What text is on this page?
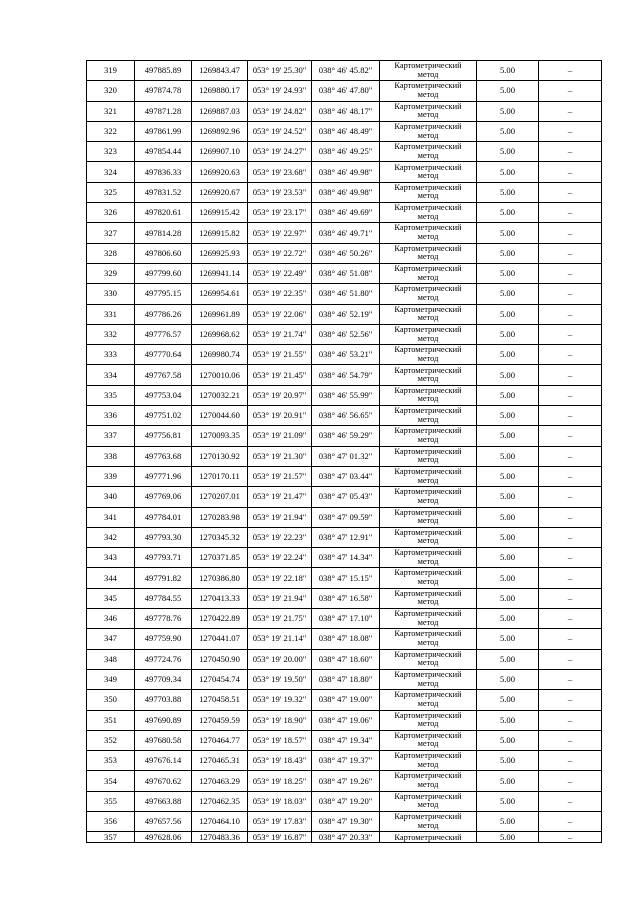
319	497885.89	1269843.47	053° 19' 25.30"	038° 46' 45.82"	Картометрический
метод	5.00	–
320	497874.78	1269880.17	053° 19' 24.93"	038° 46' 47.80"	Картометрический
метод	5.00	–
321	497871.28	1269887.03	053° 19' 24.82"	038° 46' 48.17"	Картометрический
метод	5.00	–
322	497861.99	1269892.96	053° 19' 24.52"	038° 46' 48.49"	Картометрический
метод	5.00	–
323	497854.44	1269907.10	053° 19' 24.27"	038° 46' 49.25"	Картометрический
метод	5.00	–
324	497836.33	1269920.63	053° 19' 23.68"	038° 46' 49.98"	Картометрический
метод	5.00	–
325	497831.52	1269920.67	053° 19' 23.53"	038° 46' 49.98"	Картометрический
метод	5.00	–
326	497820.61	1269915.42	053° 19' 23.17"	038° 46' 49.69"	Картометрический
метод	5.00	–
327	497814.28	1269915.82	053° 19' 22.97"	038° 46' 49.71"	Картометрический
метод	5.00	–
328	497806.60	1269925.93	053° 19' 22.72"	038° 46' 50.26"	Картометрический
метод	5.00	–
329	497799.60	1269941.14	053° 19' 22.49"	038° 46' 51.08"	Картометрический
метод	5.00	–
330	497795.15	1269954.61	053° 19' 22.35"	038° 46' 51.80"	Картометрический
метод	5.00	–
331	497786.26	1269961.89	053° 19' 22.06"	038° 46' 52.19"	Картометрический
метод	5.00	–
332	497776.57	1269968.62	053° 19' 21.74"	038° 46' 52.56"	Картометрический
метод	5.00	–
333	497770.64	1269980.74	053° 19' 21.55"	038° 46' 53.21"	Картометрический
метод	5.00	–
334	497767.58	1270010.06	053° 19' 21.45"	038° 46' 54.79"	Картометрический
метод	5.00	–
335	497753.04	1270032.21	053° 19' 20.97"	038° 46' 55.99"	Картометрический
метод	5.00	–
336	497751.02	1270044.60	053° 19' 20.91"	038° 46' 56.65"	Картометрический
метод	5.00	–
337	497756.81	1270093.35	053° 19' 21.09"	038° 46' 59.29"	Картометрический
метод	5.00	–
338	497763.68	1270130.92	053° 19' 21.30"	038° 47' 01.32"	Картометрический
метод	5.00	–
339	497771.96	1270170.11	053° 19' 21.57"	038° 47' 03.44"	Картометрический
метод	5.00	–
340	497769.06	1270207.01	053° 19' 21.47"	038° 47' 05.43"	Картометрический
метод	5.00	–
341	497784.01	1270283.98	053° 19' 21.94"	038° 47' 09.59"	Картометрический
метод	5.00	–
342	497793.30	1270345.32	053° 19' 22.23"	038° 47' 12.91"	Картометрический
метод	5.00	–
343	497793.71	1270371.85	053° 19' 22.24"	038° 47' 14.34"	Картометрический
метод	5.00	–
344	497791.82	1270386.80	053° 19' 22.18"	038° 47' 15.15"	Картометрический
метод	5.00	–
345	497784.55	1270413.33	053° 19' 21.94"	038° 47' 16.58"	Картометрический
метод	5.00	–
346	497778.76	1270422.89	053° 19' 21.75"	038° 47' 17.10"	Картометрический
метод	5.00	–
347	497759.90	1270441.07	053° 19' 21.14"	038° 47' 18.08"	Картометрический
метод	5.00	–
348	497724.76	1270450.90	053° 19' 20.00"	038° 47' 18.60"	Картометрический
метод	5.00	–
349	497709.34	1270454.74	053° 19' 19.50"	038° 47' 18.80"	Картометрический
метод	5.00	–
350	497703.88	1270458.51	053° 19' 19.32"	038° 47' 19.00"	Картометрический
метод	5.00	–
351	497690.89	1270459.59	053° 19' 18.90"	038° 47' 19.06"	Картометрический
метод	5.00	–
352	497680.58	1270464.77	053° 19' 18.57"	038° 47' 19.34"	Картометрический
метод	5.00	–
353	497676.14	1270465.31	053° 19' 18.43"	038° 47' 19.37"	Картометрический
метод	5.00	–
354	497670.62	1270463.29	053° 19' 18.25"	038° 47' 19.26"	Картометрический
метод	5.00	–
355	497663.88	1270462.35	053° 19' 18.03"	038° 47' 19.20"	Картометрический
метод	5.00	–
356	497657.56	1270464.10	053° 19' 17.83"	038° 47' 19.30"	Картометрический
метод	5.00	–
357	497628.06	1270483.36	053° 19' 16.87"	038° 47' 20.33"	Картометрический	5.00	–
